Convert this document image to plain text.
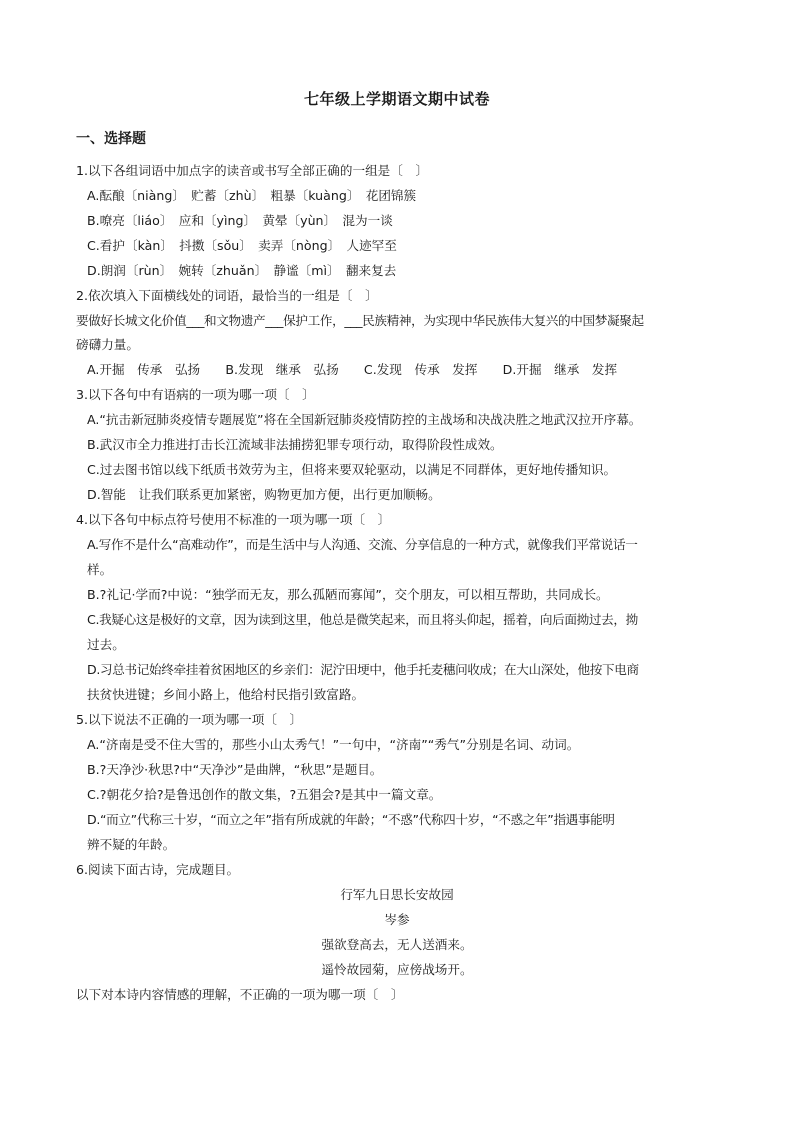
七年级上学期语文期中试卷
一、选择题
1.以下各组词语中加点字的读音或书写全部正确的一组是〔　〕
A.酝酿〔niàng〕　贮蓄〔zhù〕　粗暴〔kuàng〕　花团锦簇
B.嘹亮〔liáo〕　应和〔yìng〕　黄晕〔yùn〕　混为一谈
C.看护〔kàn〕　抖擞〔sǒu〕　卖弄〔nòng〕　人迹罕至
D.朗润〔rùn〕　婉转〔zhuǎn〕　静谧〔mì〕　翻来复去
2.依次填入下面横线处的词语，最恰当的一组是〔　〕
要做好长城文化价值___和文物遗产___保护工作，___民族精神，为实现中华民族伟大复兴的中国梦凝聚起
磅礴力量。
A.开掘　传承　弘扬　　B.发现　继承　弘扬　　C.发现　传承　发挥　　D.开掘　继承　发挥
3.以下各句中有语病的一项为哪一项〔　〕
A.“抗击新冠肺炎疫情专题展览”将在全国新冠肺炎疫情防控的主战场和决战决胜之地武汉拉开序幕。
B.武汉市全力推进打击长江流域非法捕捞犯罪专项行动，取得阶段性成效。
C.过去图书馆以线下纸质书效劳为主，但将来要双轮驱动，以满足不同群体，更好地传播知识。
D.智能　让我们联系更加紧密，购物更加方便，出行更加顺畅。
4.以下各句中标点符号使用不标准的一项为哪一项〔　〕
A.写作不是什么“高难动作”，而是生活中与人沟通、交流、分享信息的一种方式，就像我们平常说话一
样。
B.?礼记·学而?中说：“独学而无友，那么孤陋而寡闻”，交个朋友，可以相互帮助，共同成长。
C.我疑心这是极好的文章，因为读到这里，他总是微笑起来，而且将头仰起，摇着，向后面拗过去，拗
过去。
D.习总书记始终牵挂着贫困地区的乡亲们：泥泞田埂中，他手托麦穗问收成；在大山深处，他按下电商
扶贫快进键；乡间小路上，他给村民指引致富路。
5.以下说法不正确的一项为哪一项〔　〕
A.“济南是受不住大雪的，那些小山太秀气！”一句中，“济南”“秀气”分别是名词、动词。
B.?天净沙·秋思?中“天净沙”是曲牌，“秋思”是题目。
C.?朝花夕拾?是鲁迅创作的散文集，?五猖会?是其中一篇文章。
D.“而立”代称三十岁，“而立之年”指有所成就的年龄；“不惑”代称四十岁，“不惑之年”指遇事能明
辨不疑的年龄。
6.阅读下面古诗，完成题目。
行军九日思长安故园
岑参
强欲登高去，无人送酒来。
遥怜故园菊，应傍战场开。
以下对本诗内容情感的理解，不正确的一项为哪一项〔　〕
